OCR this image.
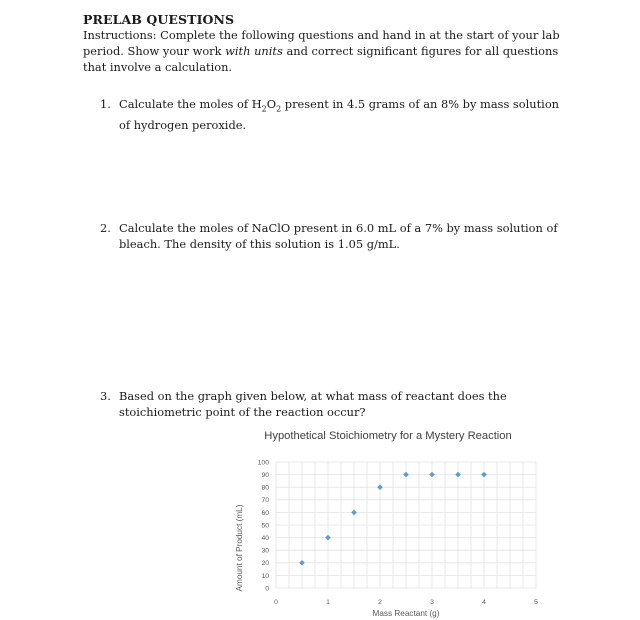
PRELAB QUESTIONS
Instructions: Complete the following questions and hand in at the start of your lab period. Show your work with units and correct significant figures for all questions that involve a calculation.
1. Calculate the moles of $H_2O_2$ present in 4.5 grams of an 8% by mass solution of hydrogen peroxide.
2. Calculate the moles of NaClO present in 6.0 mL of a 7% by mass solution of bleach. The density of this solution is 1.05 g/mL.
3. Based on the graph given below, at what mass of reactant does the stoichiometric point of the reaction occur?
Hypothetical Stoichiometry for a Mystery Reaction
0
10
20
30
40
50
60
70
80
90
100
0	1	2	3	4	5
Amount of Product (mL)
Mass Reactant (g)
